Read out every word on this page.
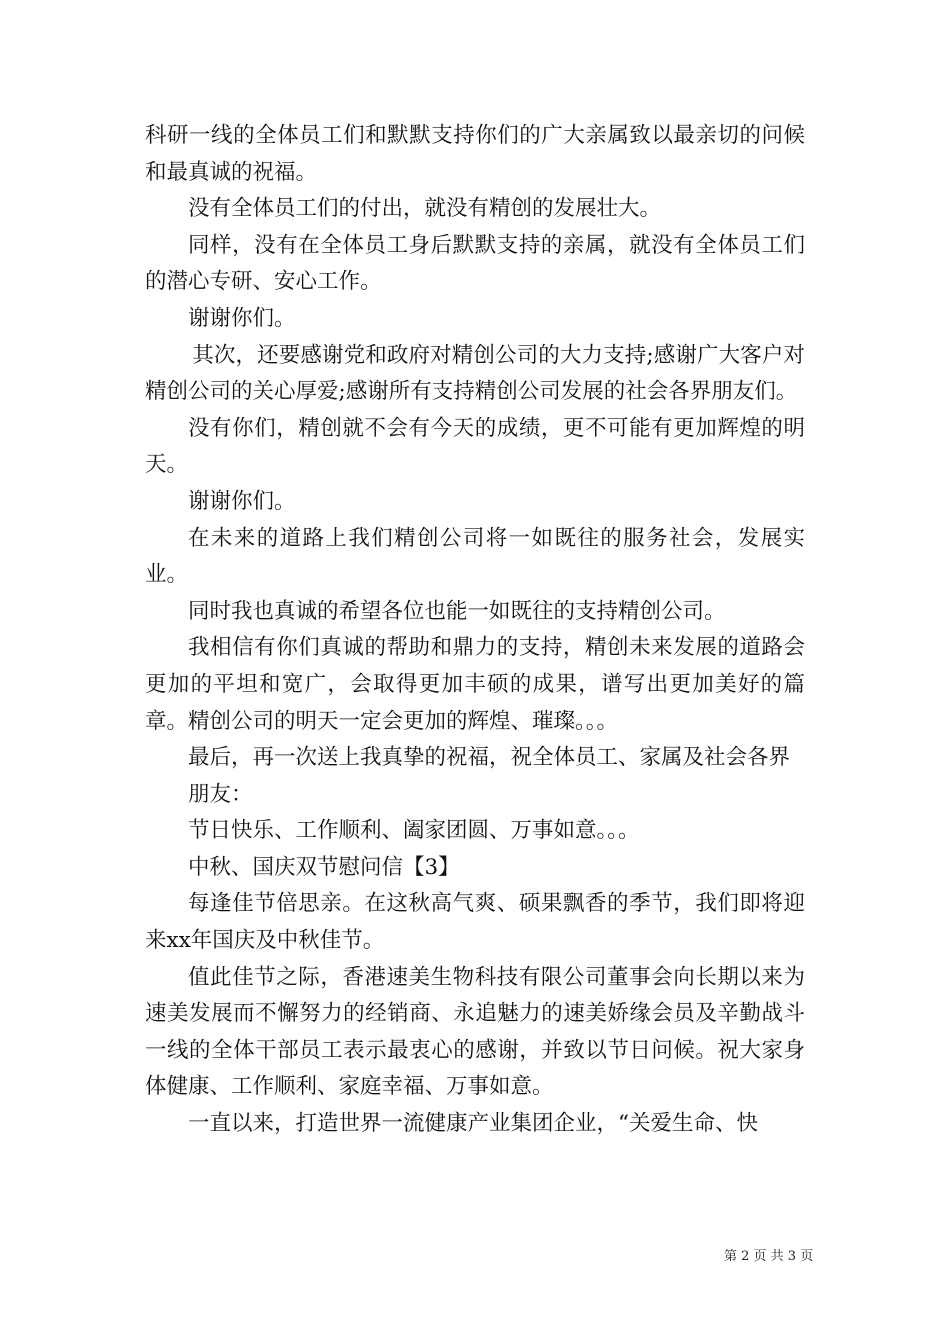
科研一线的全体员工们和默默支持你们的广大亲属致以最亲切的问候和最真诚的祝福。

没有全体员工们的付出，就没有精创的发展壮大。

同样，没有在全体员工身后默默支持的亲属，就没有全体员工们的潜心专研、安心工作。

谢谢你们。

其次，还要感谢党和政府对精创公司的大力支持;感谢广大客户对精创公司的关心厚爱;感谢所有支持精创公司发展的社会各界朋友们。

没有你们，精创就不会有今天的成绩，更不可能有更加辉煌的明天。

谢谢你们。

在未来的道路上我们精创公司将一如既往的服务社会，发展实业。

同时我也真诚的希望各位也能一如既往的支持精创公司。

我相信有你们真诚的帮助和鼎力的支持，精创未来发展的道路会更加的平坦和宽广，会取得更加丰硕的成果，谱写出更加美好的篇章。精创公司的明天一定会更加的辉煌、璀璨。。。

最后，再一次送上我真挚的祝福，祝全体员工、家属及社会各界

朋友：

节日快乐、工作顺利、阖家团圆、万事如意。。。

中秋、国庆双节慰问信【3】

每逢佳节倍思亲。在这秋高气爽、硕果飘香的季节，我们即将迎来xx年国庆及中秋佳节。

值此佳节之际，香港速美生物科技有限公司董事会向长期以来为速美发展而不懈努力的经销商、永追魅力的速美娇缘会员及辛勤战斗一线的全体干部员工表示最衷心的感谢，并致以节日问候。祝大家身体健康、工作顺利、家庭幸福、万事如意。

一直以来，打造世界一流健康产业集团企业，“关爱生命、快

第 2 页 共 3 页
